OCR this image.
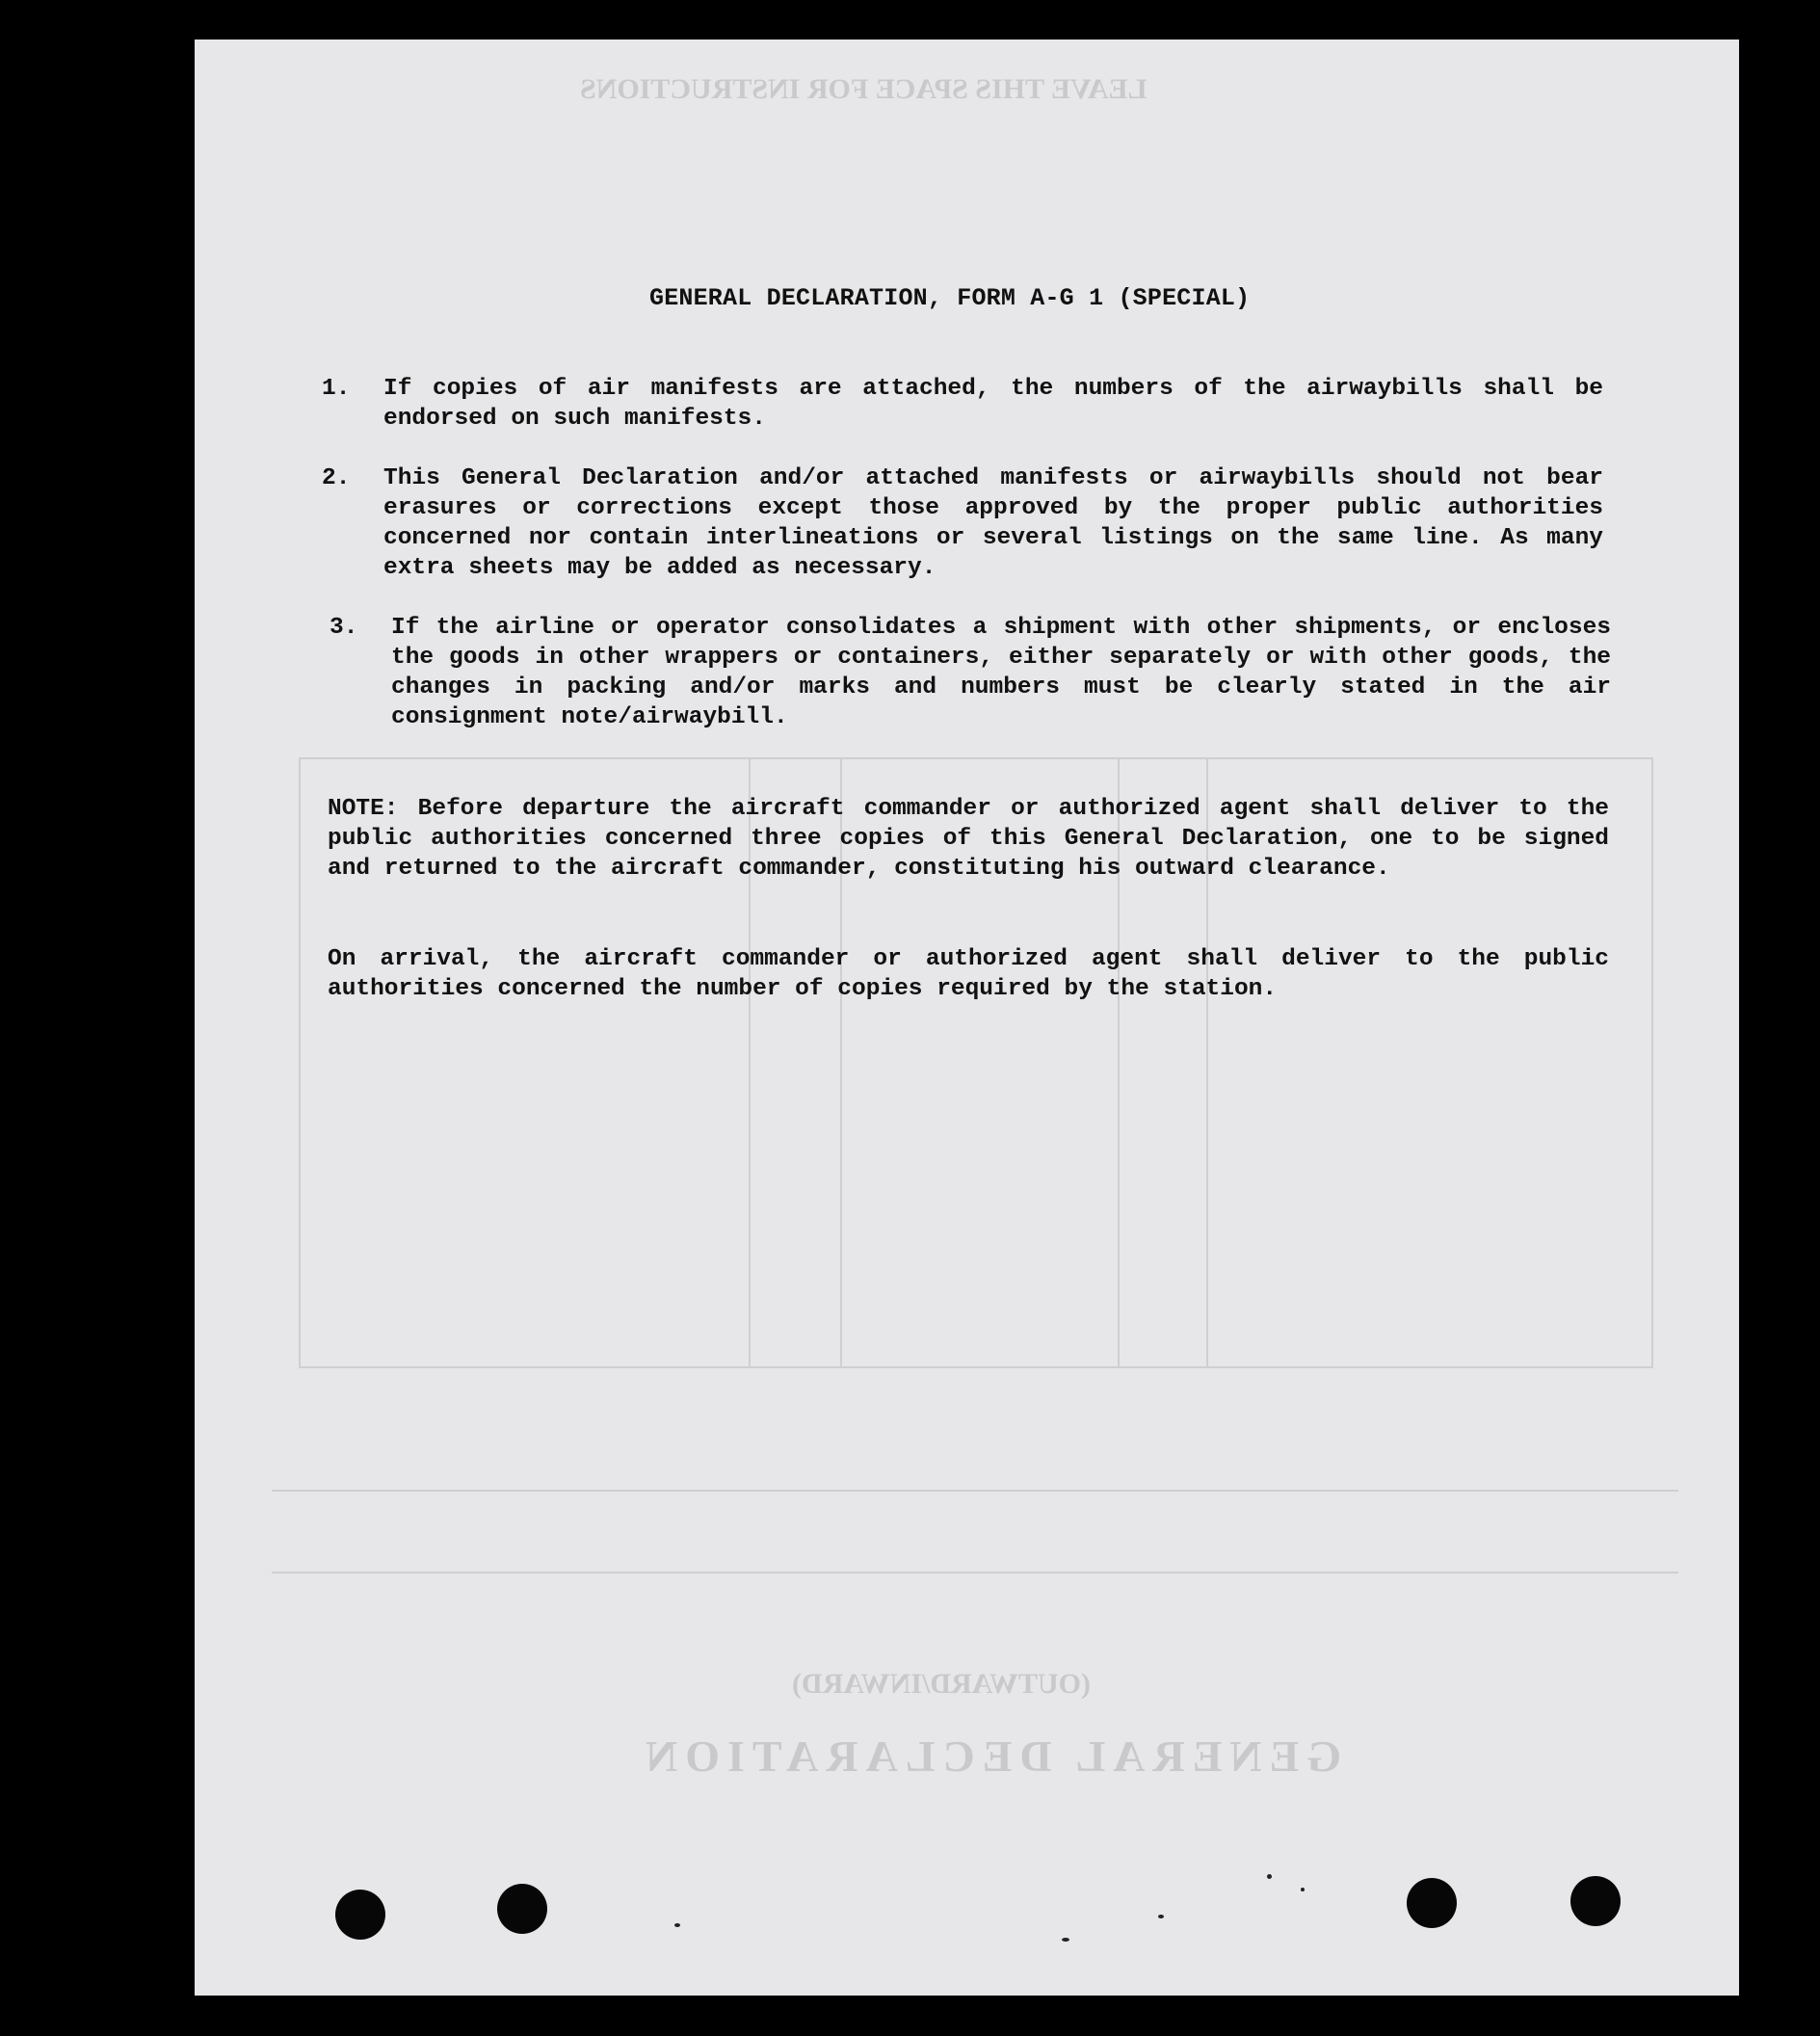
GENERAL DECLARATION
(OUTWARD/INWARD)
LEAVE THIS SPACE FOR INSTRUCTIONS
GENERAL DECLARATION, FORM A-G 1 (SPECIAL)
1.	If copies of air manifests are attached, the numbers of the airwaybills shall be endorsed on such manifests.
2.	This General Declaration and/or attached manifests or airwaybills should not bear erasures or corrections except those approved by the proper public authorities concerned nor contain interlineations or several listings on the same line. As many extra sheets may be added as necessary.
3.	If the airline or operator consolidates a shipment with other shipments, or encloses the goods in other wrappers or containers, either separately or with other goods, the changes in packing and/or marks and numbers must be clearly stated in the air consignment note/airwaybill.
NOTE: Before departure the aircraft commander or authorized agent shall deliver to the public authorities concerned three copies of this General Declaration, one to be signed and returned to the aircraft commander, constituting his outward clearance.
On arrival, the aircraft commander or authorized agent shall deliver to the public authorities concerned the number of copies required by the station.
